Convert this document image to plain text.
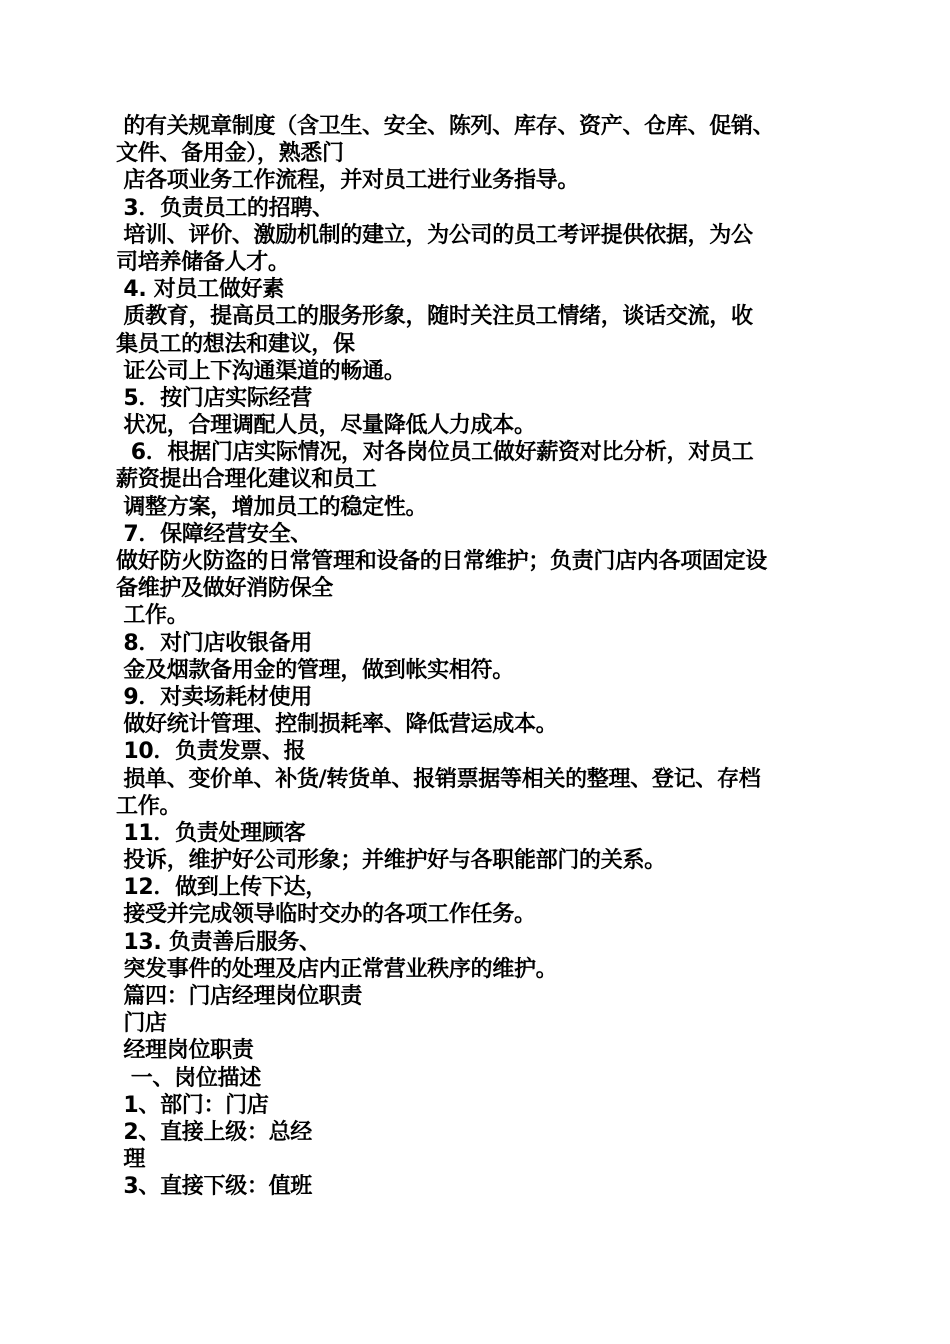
的有关规章制度（含卫生、安全、陈列、库存、资产、仓库、促销、
文件、备用金），熟悉门
店各项业务工作流程，并对员工进行业务指导。
3．负责员工的招聘、
培训、评价、激励机制的建立，为公司的员工考评提供依据，为公
司培养储备人才。
4. 对员工做好素
质教育，提高员工的服务形象，随时关注员工情绪，谈话交流，收
集员工的想法和建议，保
证公司上下沟通渠道的畅通。
5．按门店实际经营
状况，合理调配人员，尽量降低人力成本。
6．根据门店实际情况，对各岗位员工做好薪资对比分析，对员工
薪资提出合理化建议和员工
调整方案，增加员工的稳定性。
7．保障经营安全、
做好防火防盗的日常管理和设备的日常维护；负责门店内各项固定设
备维护及做好消防保全
工作。
8．对门店收银备用
金及烟款备用金的管理，做到帐实相符。
9．对卖场耗材使用
做好统计管理、控制损耗率、降低营运成本。
10．负责发票、报
损单、变价单、补货/转货单、报销票据等相关的整理、登记、存档
工作。
11．负责处理顾客
投诉，维护好公司形象；并维护好与各职能部门的关系。
12．做到上传下达，
接受并完成领导临时交办的各项工作任务。
13. 负责善后服务、
突发事件的处理及店内正常营业秩序的维护。
篇四：门店经理岗位职责
门店
经理岗位职责
一、岗位描述
1、部门：门店
2、直接上级：总经
理
3、直接下级：值班
